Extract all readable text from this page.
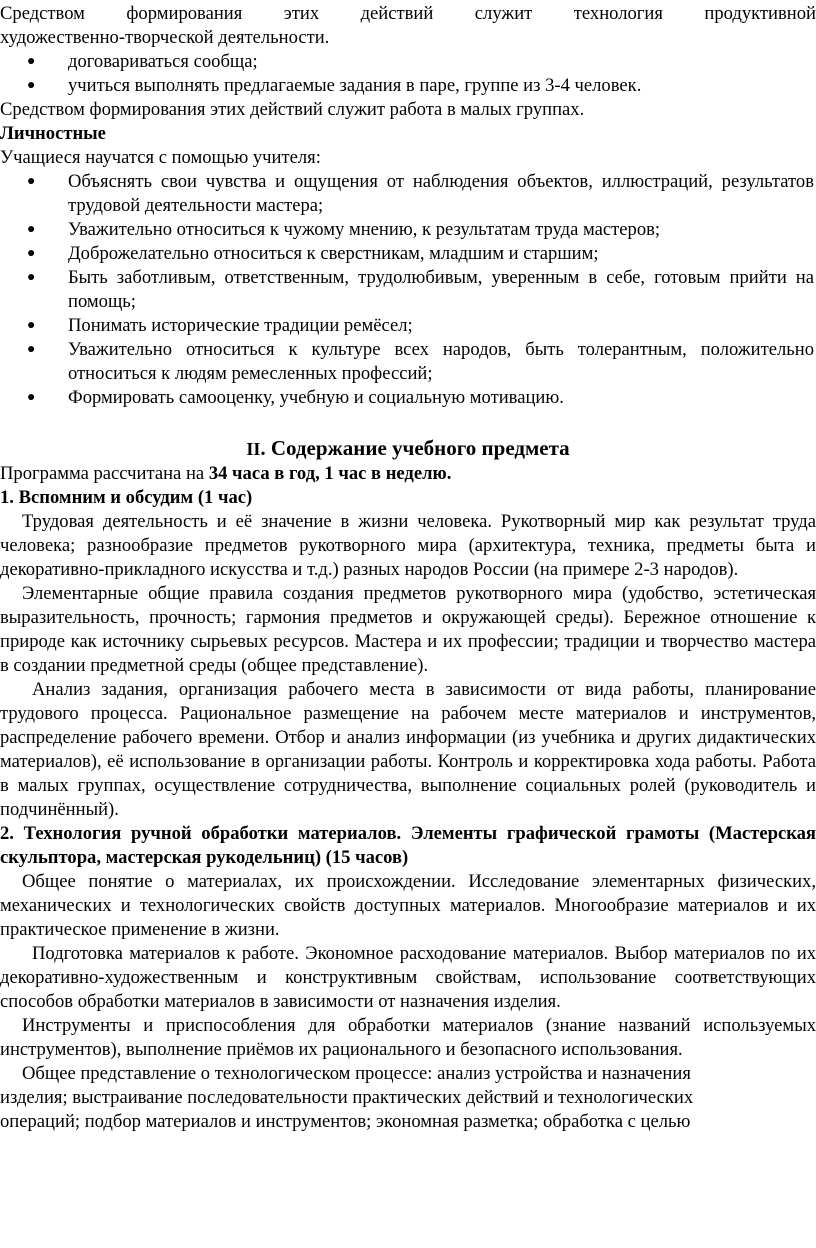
Средством формирования этих действий служит технология продуктивной

художественно-творческой деятельности.

● договариваться сообща;
● учиться выполнять предлагаемые задания в паре, группе из 3-4 человек.

Средством формирования этих действий служит работа в малых группах.

Личностные

Учащиеся научатся с помощью учителя:

● Объяснять свои чувства и ощущения от наблюдения объектов, иллюстраций, результатов трудовой деятельности мастера;
● Уважительно относиться к чужому мнению, к результатам труда мастеров;
● Доброжелательно относиться к сверстникам, младшим и старшим;
● Быть заботливым, ответственным, трудолюбивым, уверенным в себе, готовым прийти на помощь;
● Понимать исторические традиции ремёсел;
● Уважительно относиться к культуре всех народов, быть толерантным, положительно относиться к людям ремесленных профессий;
● Формировать самооценку, учебную и социальную мотивацию.
II. Содержание учебного предмета

Программа рассчитана на 34 часа в год, 1 час в неделю.

1. Вспомним и обсудим (1 час)

Трудовая деятельность и её значение в жизни человека. Рукотворный мир как результат труда человека; разнообразие предметов рукотворного мира (архитектура, техника, предметы быта и декоративно-прикладного искусства и т.д.) разных народов России (на примере 2-3 народов).

Элементарные общие правила создания предметов рукотворного мира (удобство, эстетическая выразительность, прочность; гармония предметов и окружающей среды). Бережное отношение к природе как источнику сырьевых ресурсов. Мастера и их профессии; традиции и творчество мастера в создании предметной среды (общее представление).

Анализ задания, организация рабочего места в зависимости от вида работы, планирование трудового процесса. Рациональное размещение на рабочем месте материалов и инструментов, распределение рабочего времени. Отбор и анализ информации (из учебника и других дидактических материалов), её использование в организации работы. Контроль и корректировка хода работы. Работа в малых группах, осуществление сотрудничества, выполнение социальных ролей (руководитель и подчинённый).

2. Технология ручной обработки материалов. Элементы графической грамоты (Мастерская скульптора, мастерская рукодельниц) (15 часов)

Общее понятие о материалах, их происхождении. Исследование элементарных физических, механических и технологических свойств доступных материалов. Многообразие материалов и их практическое применение в жизни.

Подготовка материалов к работе. Экономное расходование материалов. Выбор материалов по их декоративно-художественным и конструктивным свойствам, использование соответствующих способов обработки материалов в зависимости от назначения изделия.

Инструменты и приспособления для обработки материалов (знание названий используемых инструментов), выполнение приёмов их рационального и безопасного использования.

Общее представление о технологическом процессе: анализ устройства и назначения

изделия; выстраивание последовательности практических действий и технологических

операций; подбор материалов и инструментов; экономная разметка; обработка с целью
